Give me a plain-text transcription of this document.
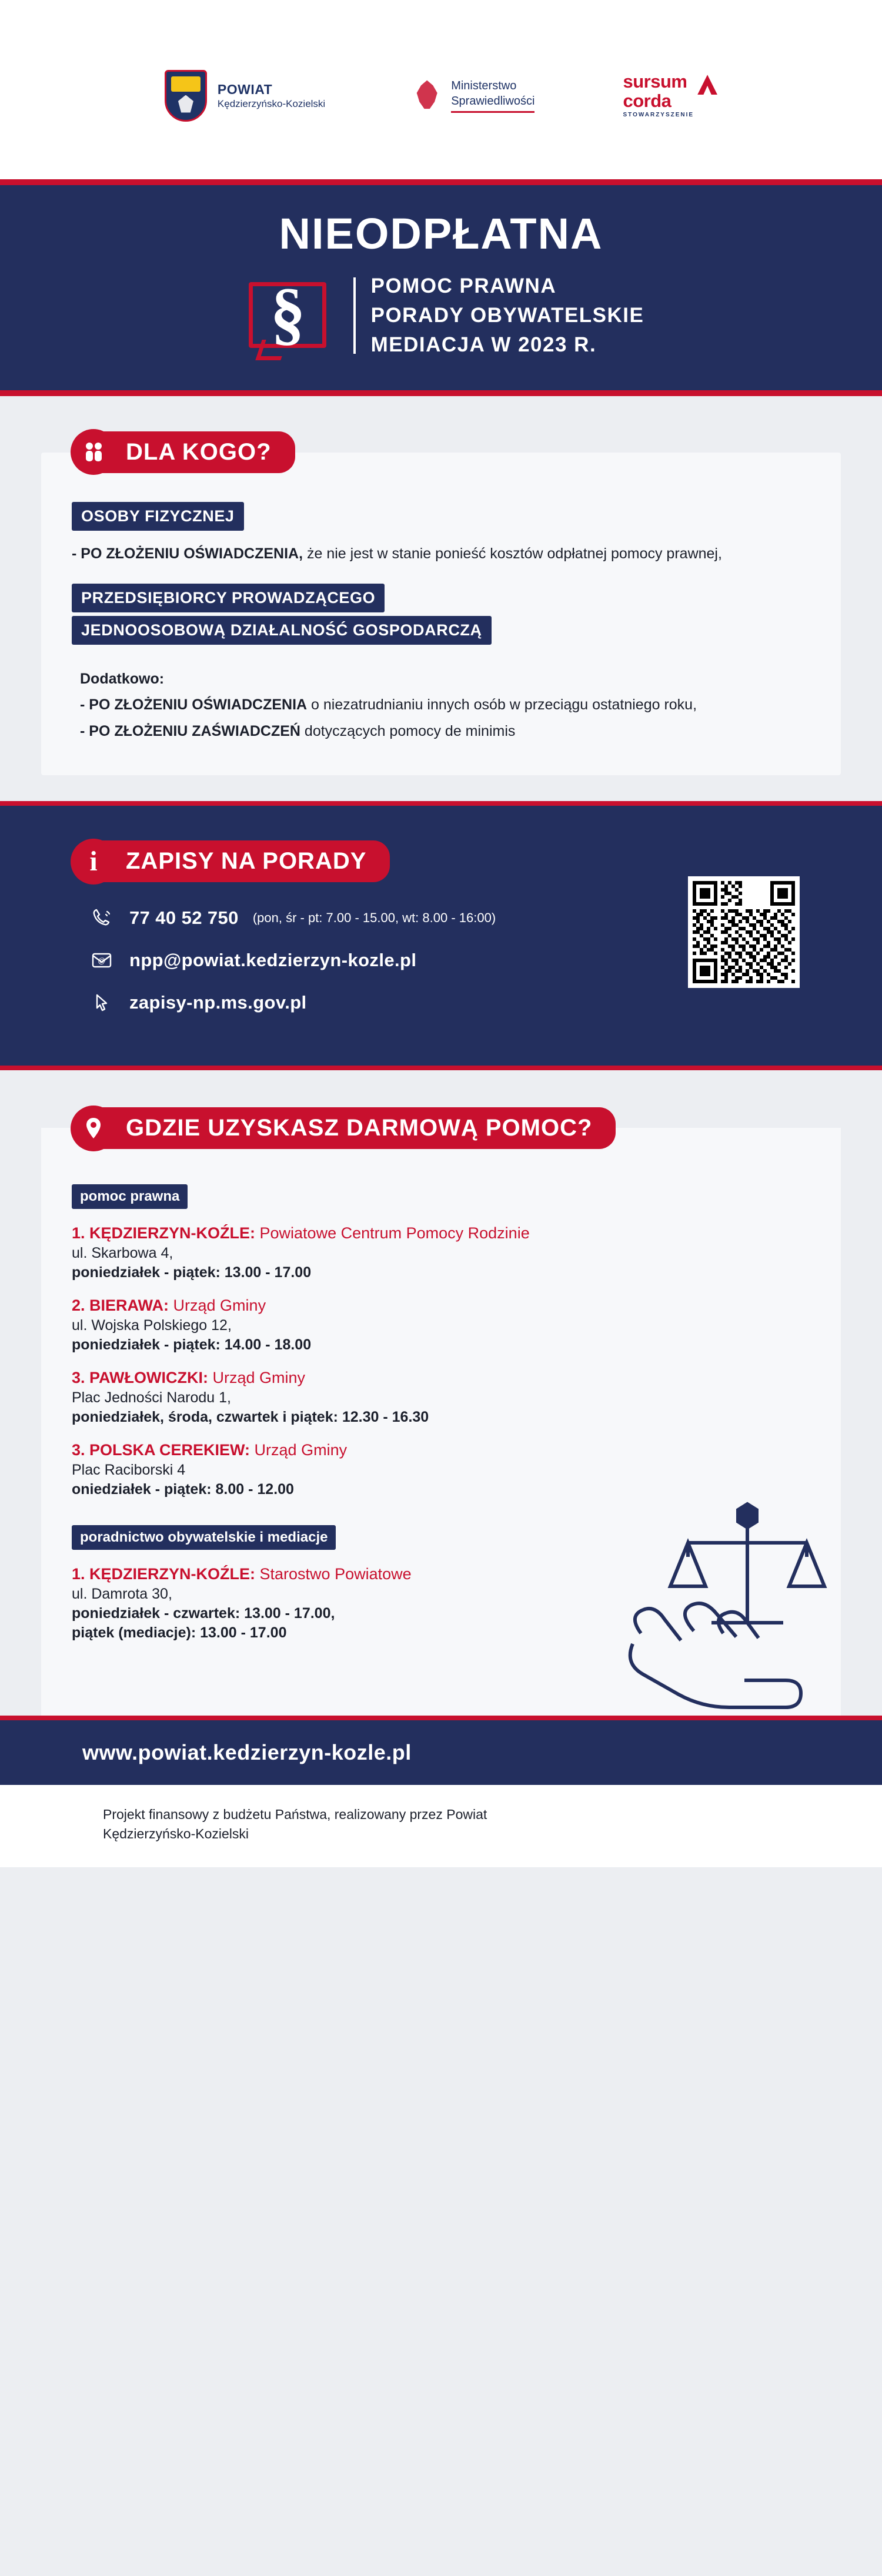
POWIAT
Kędzierzyńsko-Kozielski
Ministerstwo
Sprawiedliwości
sursum
corda
STOWARZYSZENIE
NIEODPŁATNA
§	POMOC PRAWNA
PORADY OBYWATELSKIE
MEDIACJA W 2023 R.
DLA KOGO?
OSOBY FIZYCZNEJ
- PO ZŁOŻENIU OŚWIADCZENIA, że nie jest w stanie ponieść kosztów odpłatnej pomocy prawnej,
PRZEDSIĘBIORCY PROWADZĄCEGO
JEDNOOSOBOWĄ DZIAŁALNOŚĆ GOSPODARCZĄ
Dodatkowo:
- PO ZŁOŻENIU OŚWIADCZENIA o niezatrudnianiu innych osób w przeciągu ostatniego roku,
- PO ZŁOŻENIU ZAŚWIADCZEŃ dotyczących pomocy de minimis
i	ZAPISY NA PORADY
77 40 52 750 (pon, śr - pt: 7.00 - 15.00, wt: 8.00 - 16:00)
@ npp@powiat.kedzierzyn-kozle.pl
zapisy-np.ms.gov.pl
GDZIE UZYSKASZ DARMOWĄ POMOC?
pomoc prawna
1. KĘDZIERZYN-KOŹLE: Powiatowe Centrum Pomocy Rodzinie
ul. Skarbowa 4,
poniedziałek - piątek: 13.00 - 17.00
2. BIERAWA: Urząd Gminy
ul. Wojska Polskiego 12,
poniedziałek - piątek: 14.00 - 18.00
3. PAWŁOWICZKI: Urząd Gminy
Plac Jedności Narodu 1,
poniedziałek, środa, czwartek i piątek: 12.30 - 16.30
3. POLSKA CEREKIEW: Urząd Gminy
Plac Raciborski 4
oniedziałek - piątek: 8.00 - 12.00
poradnictwo obywatelskie i mediacje
1. KĘDZIERZYN-KOŹLE: Starostwo Powiatowe
ul. Damrota 30,
poniedziałek - czwartek: 13.00 - 17.00,
piątek (mediacje): 13.00 - 17.00
www.powiat.kedzierzyn-kozle.pl
Projekt finansowy z budżetu Państwa, realizowany przez Powiat
Kędzierzyńsko-Kozielski
